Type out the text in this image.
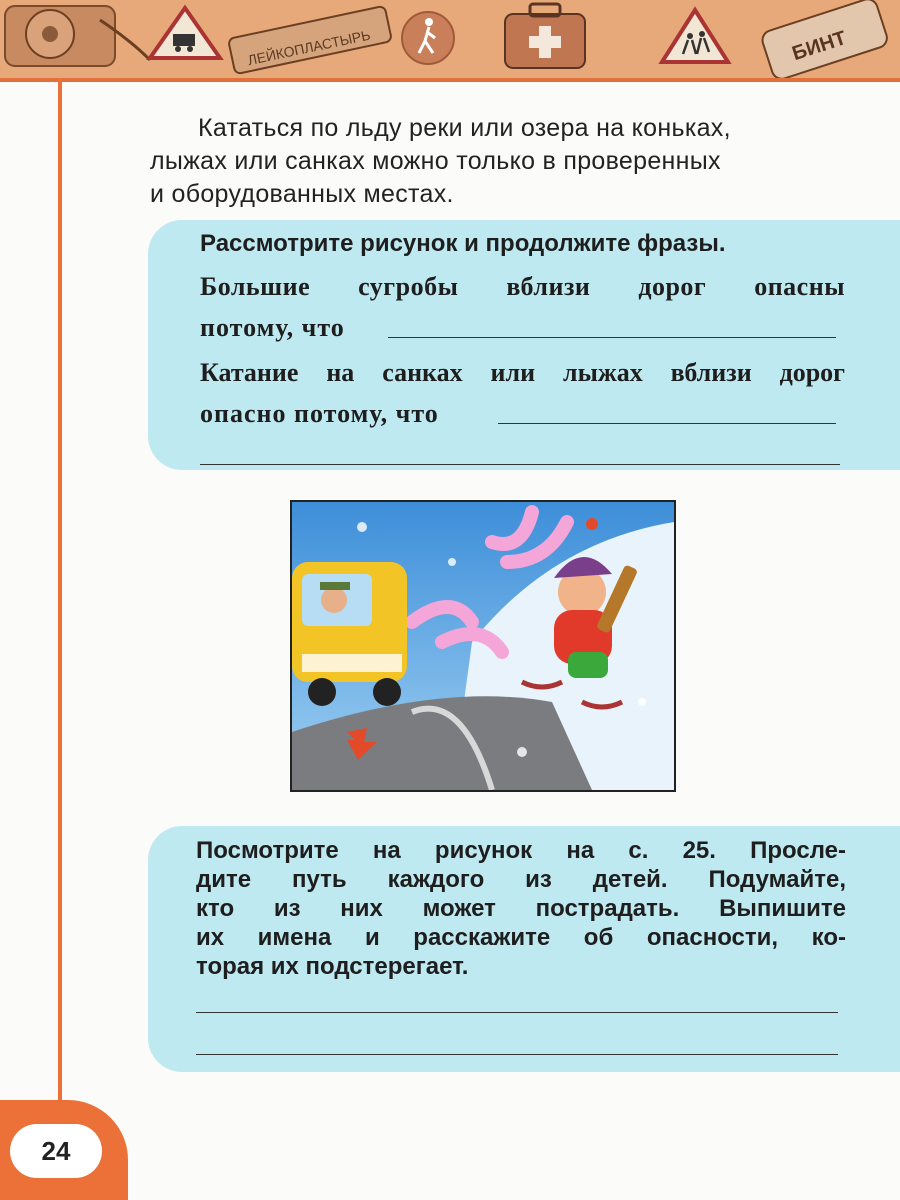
ЛЕЙКОПЛАСТЫРЬ	БИНТ
Кататься по льду реки или озера на коньках,
лыжах или санках можно только в проверенных
и оборудованных местах.
Рассмотрите рисунок и продолжите фразы.
Большие сугробы вблизи дорог опасны
потому, что
Катание на санках или лыжах вблизи дорог
опасно потому, что
Посмотрите на рисунок на с. 25. Просле-
дите путь каждого из детей. Подумайте,
кто из них может пострадать. Выпишите
их имена и расскажите об опасности, ко-
торая их подстерегает.
24
